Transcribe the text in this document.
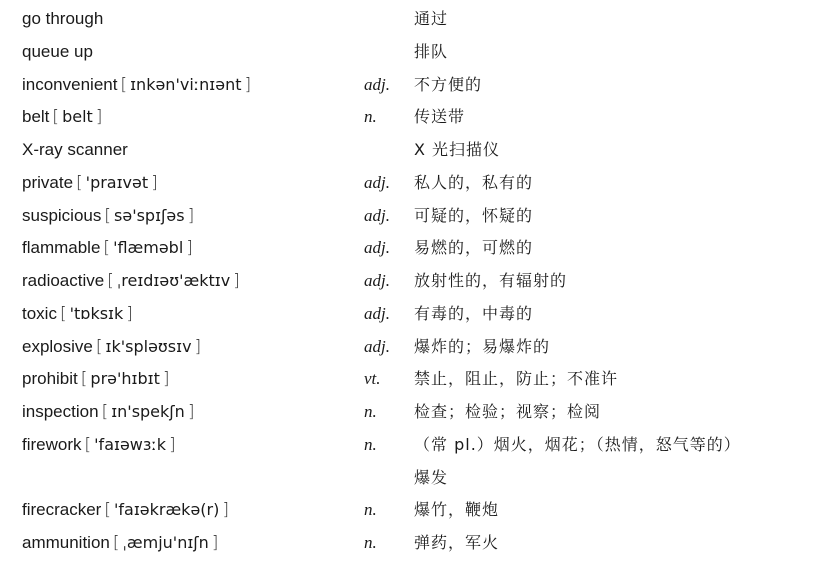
go through	通过
queue up	排队
inconvenient [ ɪnkən'viːnɪənt ]	adj. 不方便的
belt [ belt ]	n. 传送带
X-ray scanner	X 光扫描仪
private [ 'praɪvət ]	adj. 私人的，私有的
suspicious [ sə'spɪʃəs ]	adj. 可疑的，怀疑的
flammable [ 'flæməbl ]	adj. 易燃的，可燃的
radioactive [ ˌreɪdɪəʊ'æktɪv ]	adj. 放射性的，有辐射的
toxic [ 'tɒksɪk ]	adj. 有毒的，中毒的
explosive [ ɪk'spləʊsɪv ]	adj. 爆炸的；易爆炸的
prohibit [ prə'hɪbɪt ]	vt. 禁止，阻止，防止；不准许
inspection [ ɪn'spekʃn ]	n. 检查；检验；视察；检阅
firework [ 'faɪəwɜːk ]	n. （常 pl.）烟火，烟花；（热情，怒气等的）爆发
firecracker [ 'faɪəkrækə(r) ]	n. 爆竹，鞭炮
ammunition [ ˌæmju'nɪʃn ]	n. 弹药，军火
